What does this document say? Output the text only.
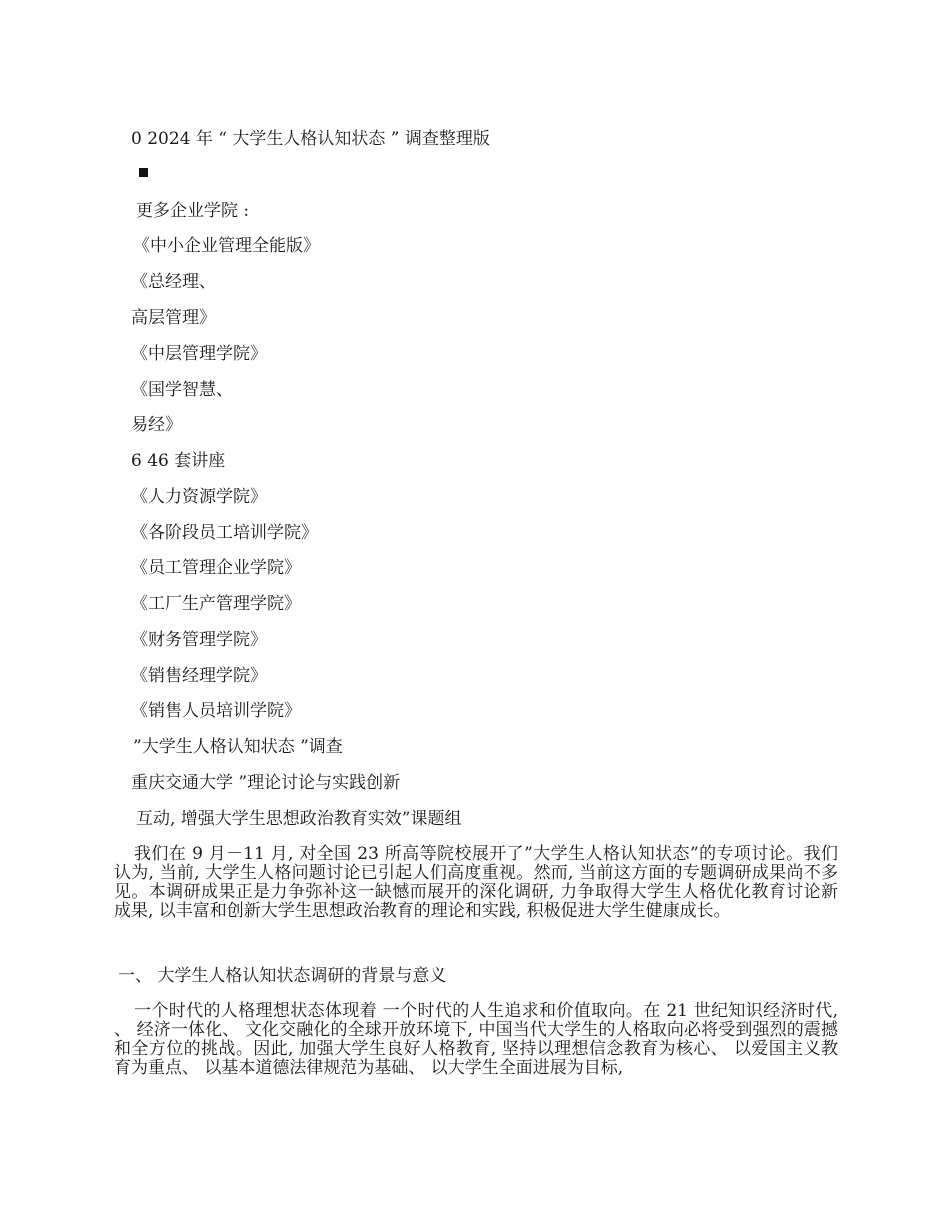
0 2024 年 “ 大学生人格认知状态 ” 调查整理版
更多企业学院 :
《中小企业管理全能版》
《总经理、
高层管理》
《中层管理学院》
《国学智慧、
易经》
6 46 套讲座
《人力资源学院》
《各阶段员工培训学院》
《员工管理企业学院》
《工厂生产管理学院》
《财务管理学院》
《销售经理学院》
《销售人员培训学院》
”大学生人格认知状态 ”调查
重庆交通大学 ”理论讨论与实践创新
互动, 增强大学生思想政治教育实效”课题组

我们在 9 月－11 月, 对全国 23 所高等院校展开了”大学生人格认知状态”的专项讨论。我们认为, 当前, 大学生人格问题讨论已引起人们高度重视。然而, 当前这方面的专题调研成果尚不多见。本调研成果正是力争弥补这一缺憾而展开的深化调研, 力争取得大学生人格优化教育讨论新成果, 以丰富和创新大学生思想政治教育的理论和实践, 积极促进大学生健康成长。

一、 大学生人格认知状态调研的背景与意义

一个时代的人格理想状态体现着 一个时代的人生追求和价值取向。在 21 世纪知识经济时代, 、 经济一体化、 文化交融化的全球开放环境下, 中国当代大学生的人格取向必将受到强烈的震撼和全方位的挑战。因此, 加强大学生良好人格教育, 坚持以理想信念教育为核心、 以爱国主义教育为重点、 以基本道德法律规范为基础、 以大学生全面进展为目标,
